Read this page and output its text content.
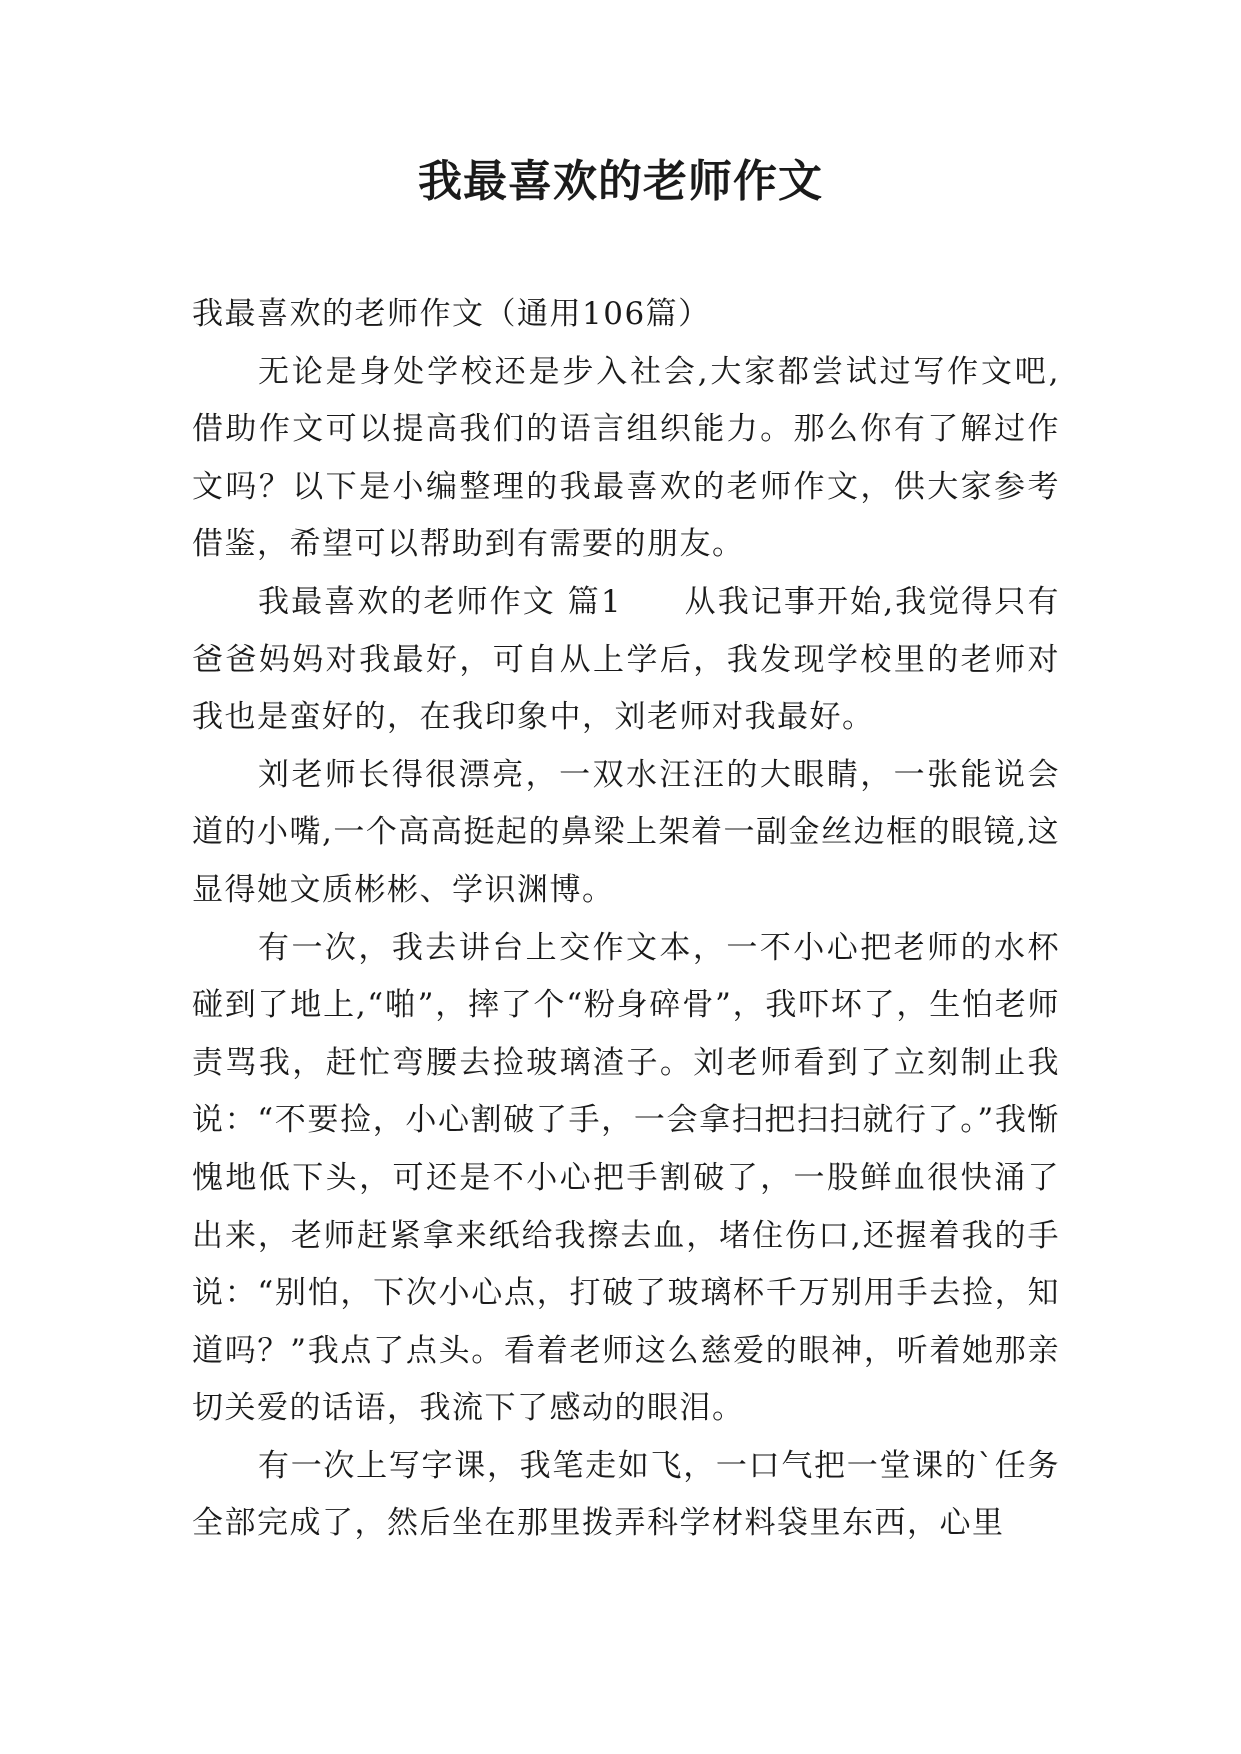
我最喜欢的老师作文

我最喜欢的老师作文（通用106篇）

无论是身处学校还是步入社会,大家都尝试过写作文吧,借助作文可以提高我们的语言组织能力。那么你有了解过作文吗？以下是小编整理的我最喜欢的老师作文，供大家参考借鉴，希望可以帮助到有需要的朋友。

我最喜欢的老师作文 篇1 从我记事开始,我觉得只有爸爸妈妈对我最好，可自从上学后，我发现学校里的老师对我也是蛮好的，在我印象中，刘老师对我最好。

刘老师长得很漂亮，一双水汪汪的大眼睛，一张能说会道的小嘴,一个高高挺起的鼻梁上架着一副金丝边框的眼镜,这显得她文质彬彬、学识渊博。

有一次，我去讲台上交作文本，一不小心把老师的水杯碰到了地上,“啪”，摔了个“粉身碎骨”，我吓坏了，生怕老师责骂我，赶忙弯腰去捡玻璃渣子。刘老师看到了立刻制止我说：“不要捡，小心割破了手，一会拿扫把扫扫就行了。”我惭愧地低下头，可还是不小心把手割破了，一股鲜血很快涌了出来，老师赶紧拿来纸给我擦去血，堵住伤口,还握着我的手说：“别怕，下次小心点，打破了玻璃杯千万别用手去捡，知道吗？”我点了点头。看着老师这么慈爱的眼神，听着她那亲切关爱的话语，我流下了感动的眼泪。

有一次上写字课，我笔走如飞，一口气把一堂课的`任务全部完成了，然后坐在那里拨弄科学材料袋里东西，心里
